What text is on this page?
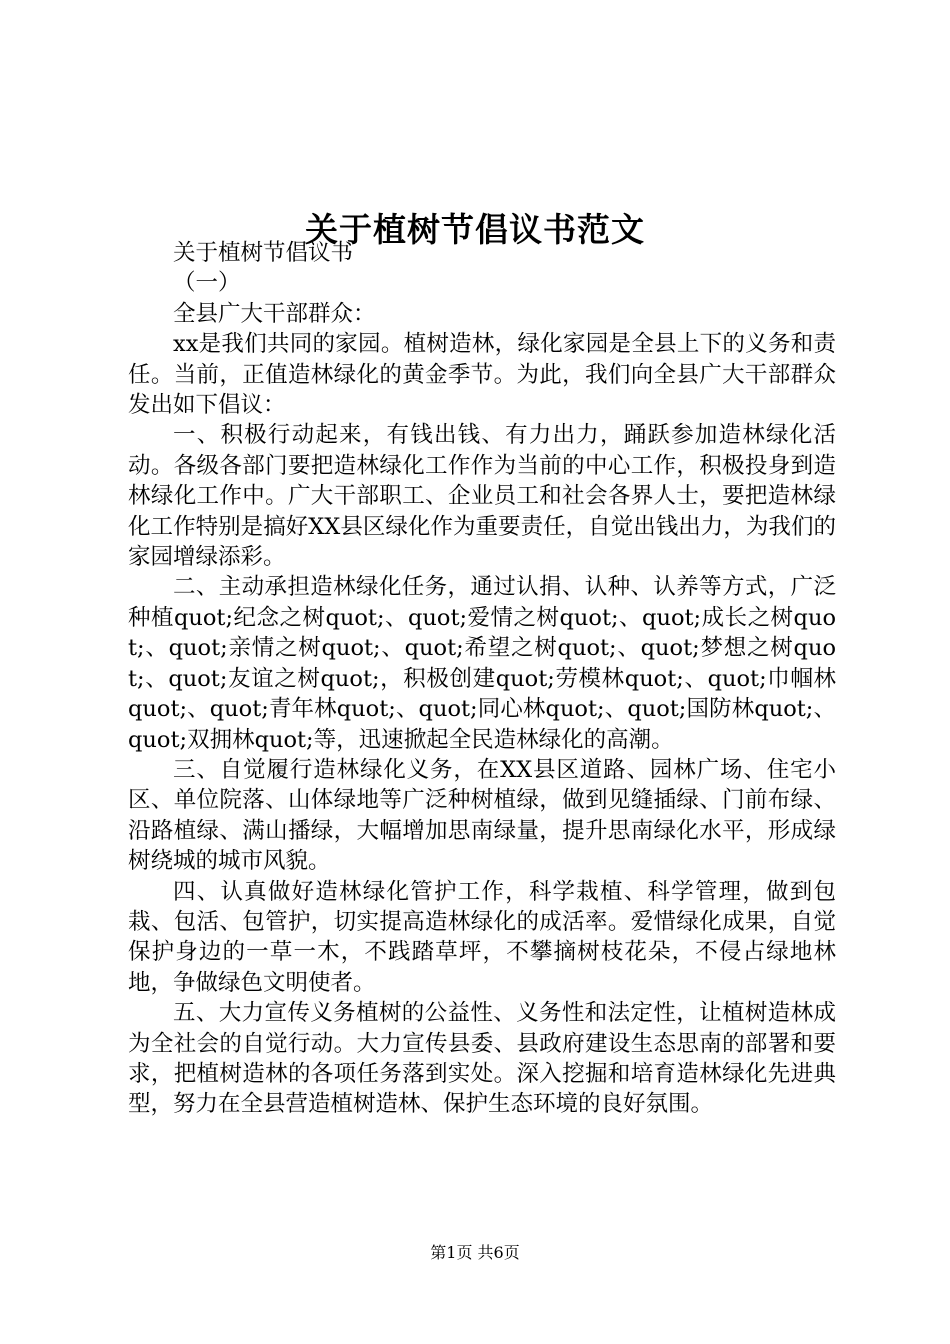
关于植树节倡议书范文

关于植树节倡议书

（一）

全县广大干部群众：

xx是我们共同的家园。植树造林，绿化家园是全县上下的义务和责任。当前，正值造林绿化的黄金季节。为此，我们向全县广大干部群众发出如下倡议：

一、积极行动起来，有钱出钱、有力出力，踊跃参加造林绿化活动。各级各部门要把造林绿化工作作为当前的中心工作，积极投身到造林绿化工作中。广大干部职工、企业员工和社会各界人士，要把造林绿化工作特别是搞好XX县区绿化作为重要责任，自觉出钱出力，为我们的家园增绿添彩。

二、主动承担造林绿化任务，通过认捐、认种、认养等方式，广泛种植quot;纪念之树quot;、quot;爱情之树quot;、quot;成长之树quot;、quot;亲情之树quot;、quot;希望之树quot;、quot;梦想之树quot;、quot;友谊之树quot;，积极创建quot;劳模林quot;、quot;巾帼林quot;、quot;青年林quot;、quot;同心林quot;、quot;国防林quot;、quot;双拥林quot;等，迅速掀起全民造林绿化的高潮。

三、自觉履行造林绿化义务，在XX县区道路、园林广场、住宅小区、单位院落、山体绿地等广泛种树植绿，做到见缝插绿、门前布绿、沿路植绿、满山播绿，大幅增加思南绿量，提升思南绿化水平，形成绿树绕城的城市风貌。

四、认真做好造林绿化管护工作，科学栽植、科学管理，做到包栽、包活、包管护，切实提高造林绿化的成活率。爱惜绿化成果，自觉保护身边的一草一木，不践踏草坪，不攀摘树枝花朵，不侵占绿地林地，争做绿色文明使者。

五、大力宣传义务植树的公益性、义务性和法定性，让植树造林成为全社会的自觉行动。大力宣传县委、县政府建设生态思南的部署和要求，把植树造林的各项任务落到实处。深入挖掘和培育造林绿化先进典型，努力在全县营造植树造林、保护生态环境的良好氛围。

第1页 共6页
